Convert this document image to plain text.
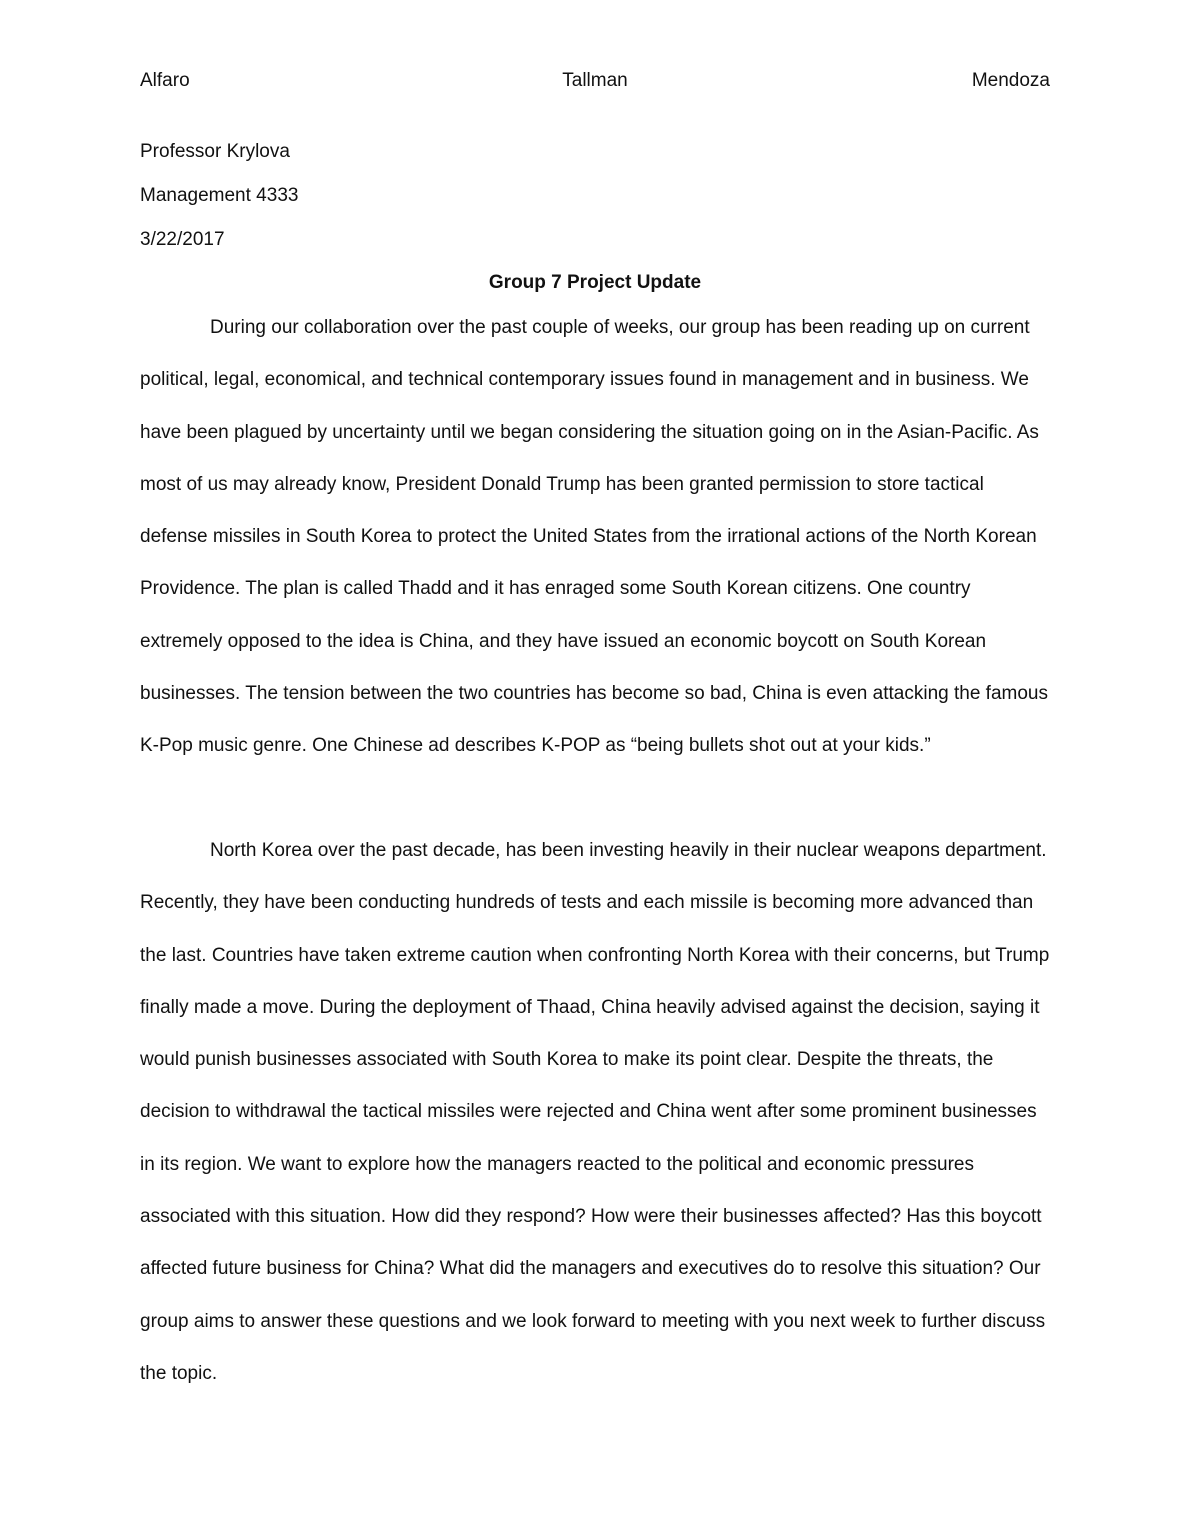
Alfaro	Tallman	Mendoza
Professor Krylova
Management 4333
3/22/2017
Group 7 Project Update

During our collaboration over the past couple of weeks, our group has been reading up on current political, legal, economical, and technical contemporary issues found in management and in business. We have been plagued by uncertainty until we began considering the situation going on in the Asian-Pacific. As most of us may already know, President Donald Trump has been granted permission to store tactical defense missiles in South Korea to protect the United States from the irrational actions of the North Korean Providence. The plan is called Thadd and it has enraged some South Korean citizens. One country extremely opposed to the idea is China, and they have issued an economic boycott on South Korean businesses. The tension between the two countries has become so bad, China is even attacking the famous K-Pop music genre. One Chinese ad describes K-POP as “being bullets shot out at your kids.”

North Korea over the past decade, has been investing heavily in their nuclear weapons department. Recently, they have been conducting hundreds of tests and each missile is becoming more advanced than the last. Countries have taken extreme caution when confronting North Korea with their concerns, but Trump finally made a move. During the deployment of Thaad, China heavily advised against the decision, saying it would punish businesses associated with South Korea to make its point clear. Despite the threats, the decision to withdrawal the tactical missiles were rejected and China went after some prominent businesses in its region. We want to explore how the managers reacted to the political and economic pressures associated with this situation. How did they respond? How were their businesses affected? Has this boycott affected future business for China? What did the managers and executives do to resolve this situation? Our group aims to answer these questions and we look forward to meeting with you next week to further discuss the topic.
